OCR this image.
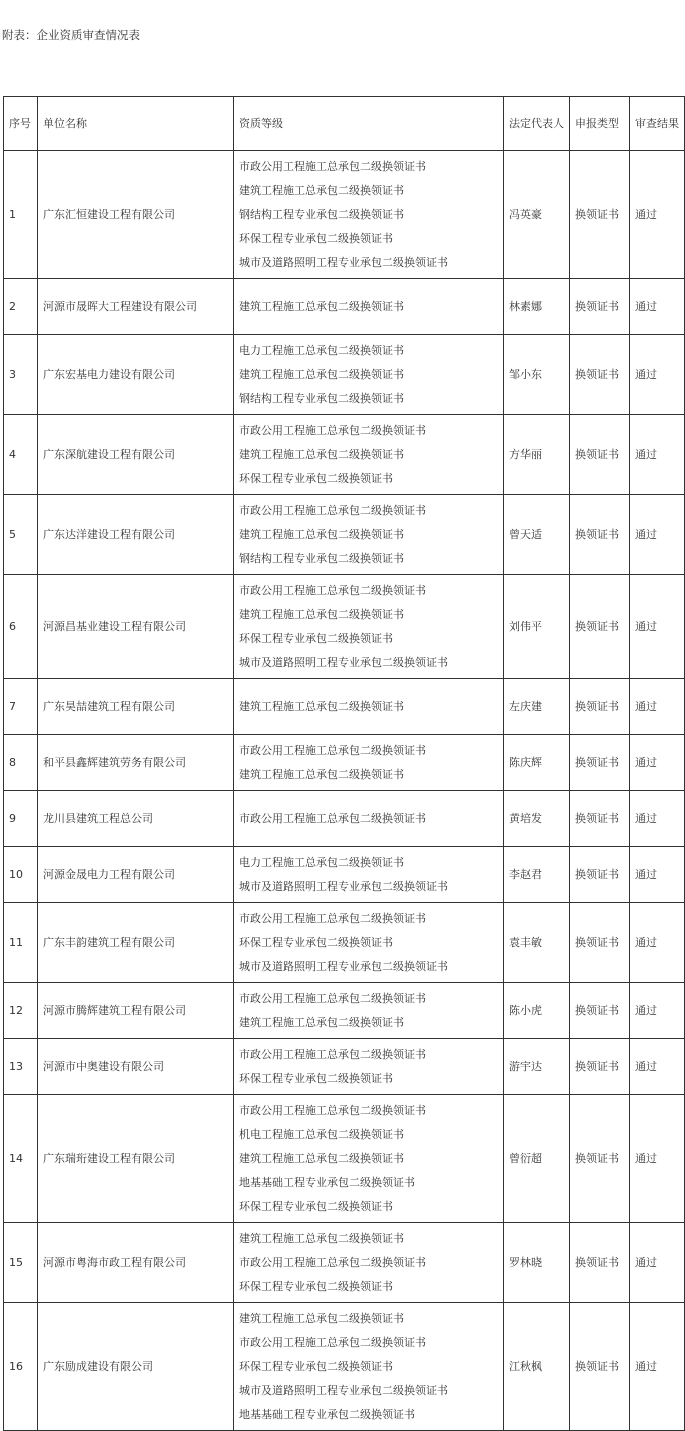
附表：企业资质审查情况表
序号	单位名称	资质等级	法定代表人	申报类型	审查结果
1	广东汇恒建设工程有限公司	市政公用工程施工总承包二级换领证书
建筑工程施工总承包二级换领证书
钢结构工程专业承包二级换领证书
环保工程专业承包二级换领证书
城市及道路照明工程专业承包二级换领证书	冯英豪	换领证书	通过
2	河源市晟晖大工程建设有限公司	建筑工程施工总承包二级换领证书	林素娜	换领证书	通过
3	广东宏基电力建设有限公司	电力工程施工总承包二级换领证书
建筑工程施工总承包二级换领证书
钢结构工程专业承包二级换领证书	邹小东	换领证书	通过
4	广东深航建设工程有限公司	市政公用工程施工总承包二级换领证书
建筑工程施工总承包二级换领证书
环保工程专业承包二级换领证书	方华丽	换领证书	通过
5	广东达洋建设工程有限公司	市政公用工程施工总承包二级换领证书
建筑工程施工总承包二级换领证书
钢结构工程专业承包二级换领证书	曾天适	换领证书	通过
6	河源昌基业建设工程有限公司	市政公用工程施工总承包二级换领证书
建筑工程施工总承包二级换领证书
环保工程专业承包二级换领证书
城市及道路照明工程专业承包二级换领证书	刘伟平	换领证书	通过
7	广东昊喆建筑工程有限公司	建筑工程施工总承包二级换领证书	左庆建	换领证书	通过
8	和平县鑫辉建筑劳务有限公司	市政公用工程施工总承包二级换领证书
建筑工程施工总承包二级换领证书	陈庆辉	换领证书	通过
9	龙川县建筑工程总公司	市政公用工程施工总承包二级换领证书	黄培发	换领证书	通过
10	河源金晟电力工程有限公司	电力工程施工总承包二级换领证书
城市及道路照明工程专业承包二级换领证书	李赵君	换领证书	通过
11	广东丰韵建筑工程有限公司	市政公用工程施工总承包二级换领证书
环保工程专业承包二级换领证书
城市及道路照明工程专业承包二级换领证书	袁丰敏	换领证书	通过
12	河源市腾辉建筑工程有限公司	市政公用工程施工总承包二级换领证书
建筑工程施工总承包二级换领证书	陈小虎	换领证书	通过
13	河源市中奥建设有限公司	市政公用工程施工总承包二级换领证书
环保工程专业承包二级换领证书	游宇达	换领证书	通过
14	广东瑞珩建设工程有限公司	市政公用工程施工总承包二级换领证书
机电工程施工总承包二级换领证书
建筑工程施工总承包二级换领证书
地基基础工程专业承包二级换领证书
环保工程专业承包二级换领证书	曾衍超	换领证书	通过
15	河源市粤海市政工程有限公司	建筑工程施工总承包二级换领证书
市政公用工程施工总承包二级换领证书
环保工程专业承包二级换领证书	罗林晓	换领证书	通过
16	广东励成建设有限公司	建筑工程施工总承包二级换领证书
市政公用工程施工总承包二级换领证书
环保工程专业承包二级换领证书
城市及道路照明工程专业承包二级换领证书
地基基础工程专业承包二级换领证书	江秋枫	换领证书	通过
